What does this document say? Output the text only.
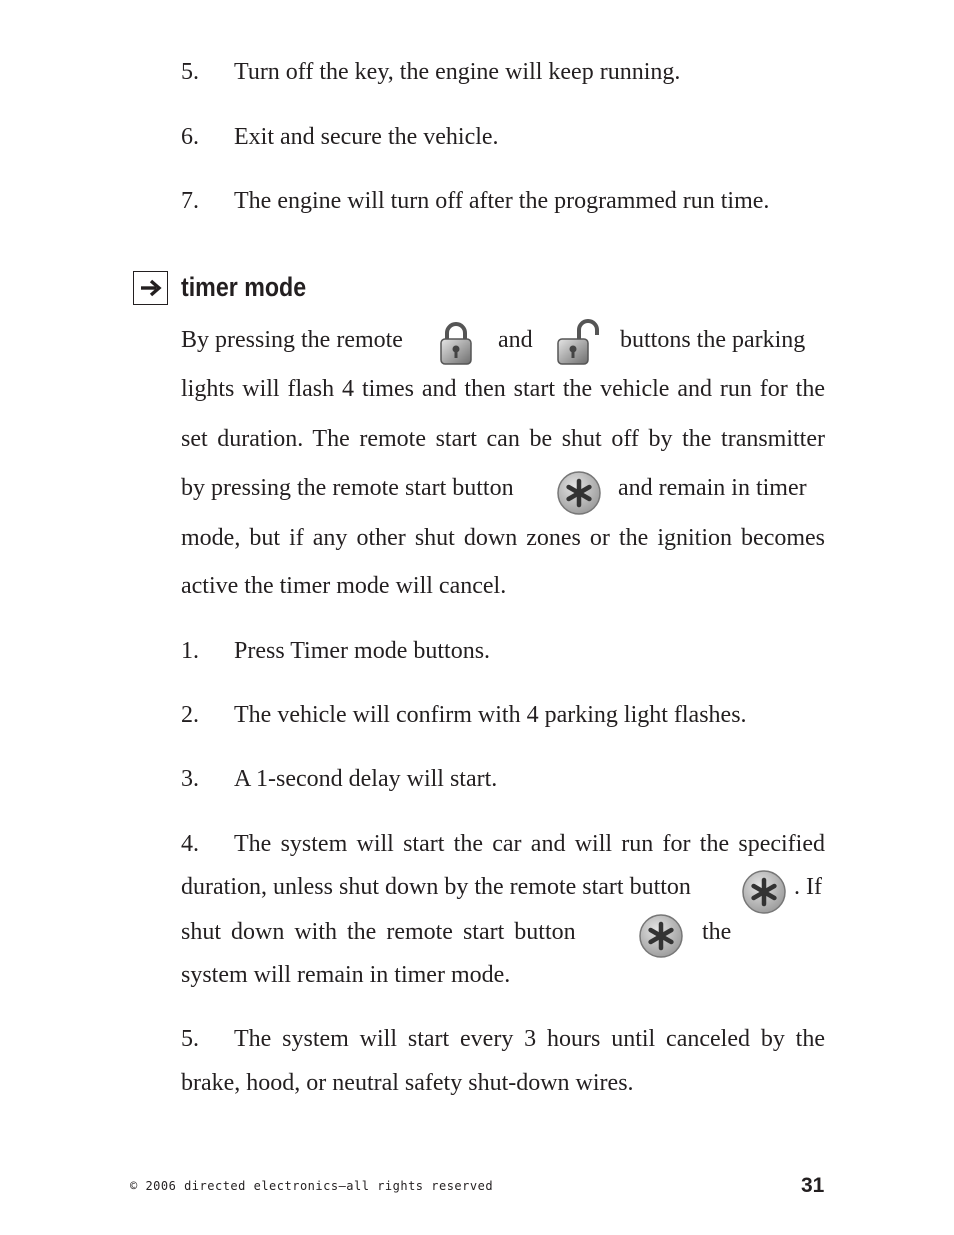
5. Turn off the key, the engine will keep running.
6. Exit and secure the vehicle.
7. The engine will turn off after the programmed run time.
timer mode
By pressing the remote	and	buttons the parking
lights will flash 4 times and then start the vehicle and run for the
set duration. The remote start can be shut off by the transmitter
by pressing the remote start button	and remain in timer
mode, but if any other shut down zones or the ignition becomes
active the timer mode will cancel.
1. Press Timer mode buttons.
2. The vehicle will confirm with 4 parking light flashes.
3. A 1-second delay will start.
4. The system will start the car and will run for the specified
duration, unless shut down by the remote start button	. If
shut down with the remote start button	the
system will remain in timer mode.
5. The system will start every 3 hours until canceled by the
brake, hood, or neutral safety shut-down wires.
© 2006 directed electronics—all rights reserved	31
